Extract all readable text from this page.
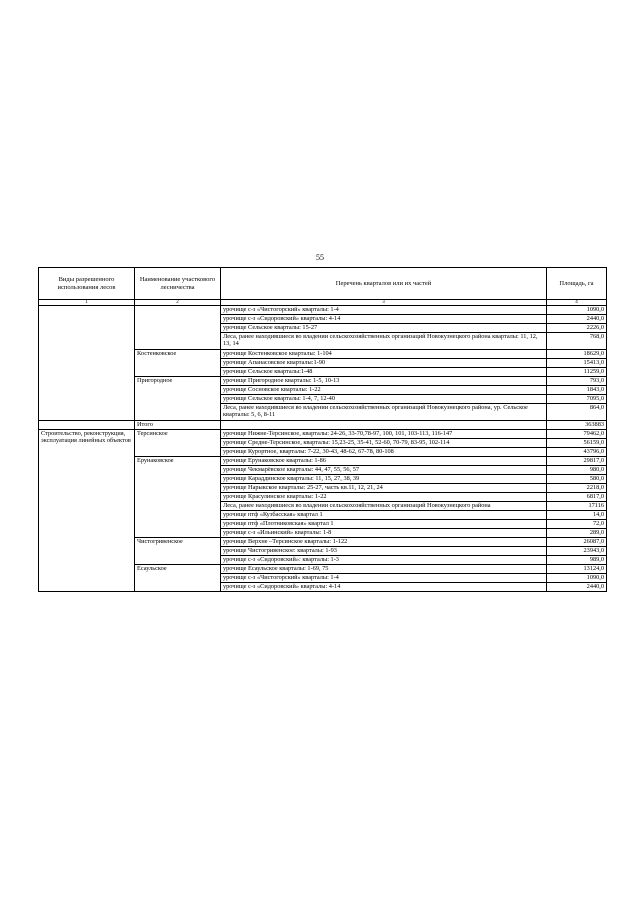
55
Виды разрешенного использования лесов	Наименование участкового лесничества	Перечень кварталов или их частей	Площадь, га
1	2	3	4
		урочище с-з «Чистогорский» кварталы: 1-4	1090,0
		урочище с-з «Сидоровский» кварталы: 4-14	2440,0
		урочище Сельское кварталы: 15-27	2226,0
		Леса, ранее находившиеся во владении сельскохозяйственных организаций Новокузнецкого района кварталы: 11, 12, 13, 14	768,0
	Костенковское	урочище Костенковское кварталы: 1-104	18629,0
		урочище Апанасовское кварталы:1-90	15413,0
		урочище Сельское кварталы:1-48	11259,0
	Пригородное	урочище Пригородное кварталы: 1-5, 10-13	793,0
		урочище Сосновское кварталы: 1-22	1843,0
		урочище Сельское кварталы: 1-4, 7, 12-40	7095,0
		Леса, ранее находившиеся во владении сельскохозяйственных организаций Новокузнецкого района, ур. Сельское кварталы: 5, 6, 8-11	864,0
	Итого		363883
Строительство, реконструкция, эксплуатация линейных объектов	Терсинское	урочище Нижне-Терсинское, кварталы: 24-26, 33-70,78-97, 100, 101, 103-113, 116-147	79462,0
		урочище Средне-Терсинское, кварталы: 15,23-25, 35-41, 52-60, 70-79, 83-95, 102-114	56159,0
		урочище Курортное, кварталы: 7-22, 30-43, 48-62, 67-78, 80-108	43796,0
	Ерунаковское	урочище Ерунаковское кварталы: 1-86	29817,0
		урочище Чекмарёвское кварталы: 44, 47, 55, 56, 57	980,0
		урочище Караддинское кварталы: 11, 15, 27, 38, 39	580,0
		урочище Нарыкское кварталы: 25-27, часть кв.11, 12, 21, 24	2218,0
		урочище Красулинское кварталы: 1-22	6817,0
		Леса, ранее находившиеся во владении сельскохозяйственных организаций Новокузнецкого района	17116
		урочище птф «Кузбасская» квартал 1	14,0
		урочище птф «Плотниковская» квартал 1	72,0
		урочище с-з «Ильинский» кварталы: 1-8	289,0
	Чистогривенское	урочище Верхне –Терсинское кварталы: 1-122	26087,0
		урочище Чистогривенское: кварталы: 1-93	23943,0
		урочище с-з «Сидоровский»: кварталы: 1-3	989,0
	Есаульское	урочище Есаульское кварталы: 1-69, 75	13124,0
		урочище с-з «Чистогорский» кварталы: 1-4	1090,0
		урочище с-з «Сидоровский» кварталы: 4-14	2440,0
